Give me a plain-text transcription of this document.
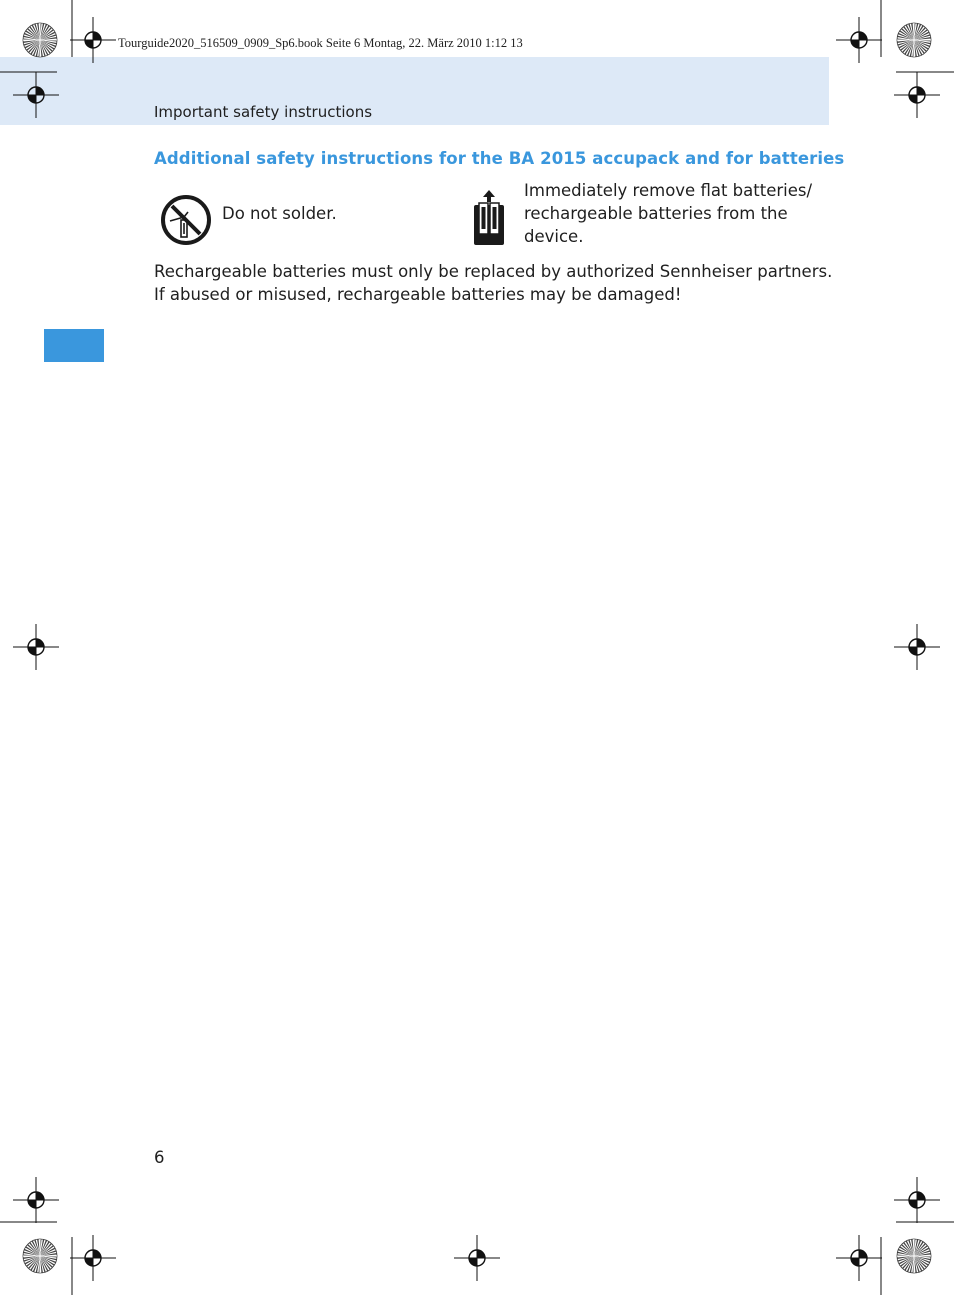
Tourguide2020_516509_0909_Sp6.book Seite 6 Montag, 22. März 2010 1:12 13
Important safety instructions
Additional safety instructions for the BA 2015 accupack and for batteries
Do not solder.
Immediately remove flat batteries/ rechargeable batteries from the device.
Rechargeable batteries must only be replaced by authorized Sennheiser partners.
If abused or misused, rechargeable batteries may be damaged!
6
